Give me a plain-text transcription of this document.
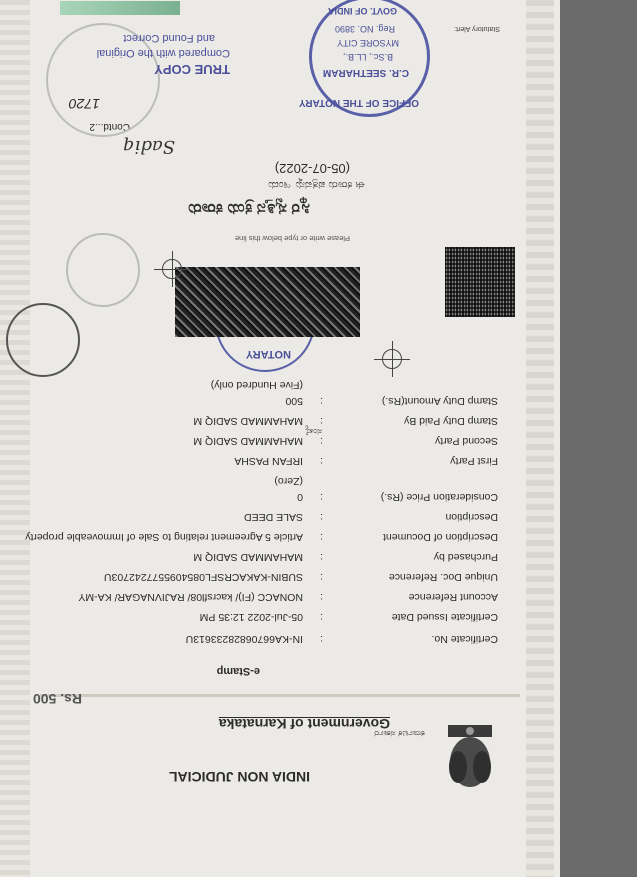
INDIA NON JUDICIAL
Government of Karnataka
ಕರ್ನಾಟಕ ಸರ್ಕಾರ
Rs. 500
e-Stamp
Certificate No.:IN-KA66706828233613U
Certificate Issued Date:05-Jul-2022 12:35 PM
Account Reference:NONACC (FI)/ kacrsfl08/ RAJIVNAGAR/ KA-MY
Unique Doc. Reference:SUBIN-KAKACRSFL0854095577242703U
Purchased by:MAHAMMAD SADIQ M
Description of Document:Article 5 Agreement relating to Sale of Immoveable property
Description:SALE DEED
Consideration Price (Rs.):0
(Zero)
First Party:IRFAN PASHA
Second Party:MAHAMMAD SADIQ M
Stamp Duty Paid By:MAHAMMAD SADIQ M
Stamp Duty Amount(Rs.):500
(Five Hundred only)
NOTARY
ಸಂಖ್ಯೆ
Please write or type below this line
ಸ್ಥಿರ ಸ್ವತ್ತಿನ ಕ್ರಯ ಕರಾರು
ಈ ಕರಾರು ಪತ್ರವನ್ನು ಇಂದು
(05-07-2022)
Sadiq
Contd...2
OFFICE OF THE NOTARY
C.R. SEETHARAM
B.Sc., LL.B.,
MYSORE CITY
Reg. NO. 3890
GOVT. OF INDIA
TRUE COPY
Compared with the Original
and Found Correct
1720
Statutory Alert:
